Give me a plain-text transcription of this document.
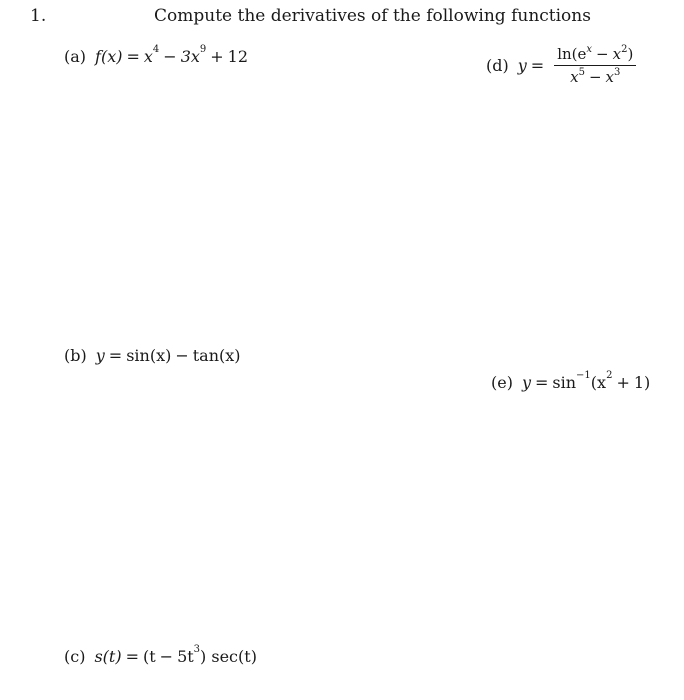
1.	Compute the derivatives of the following functions
(a) $f(x) = x^4 - 3x^9 + 12$	(d) $y = \frac{\ln(e^x - x^2)}{x^5 - x^3}$
(b) y = sin(x) − tan(x)
(e) $y = \sin^{-1} (x^2 + 1)$
(c) $s(t) = (t - 5t^3$ ) sec(t)
